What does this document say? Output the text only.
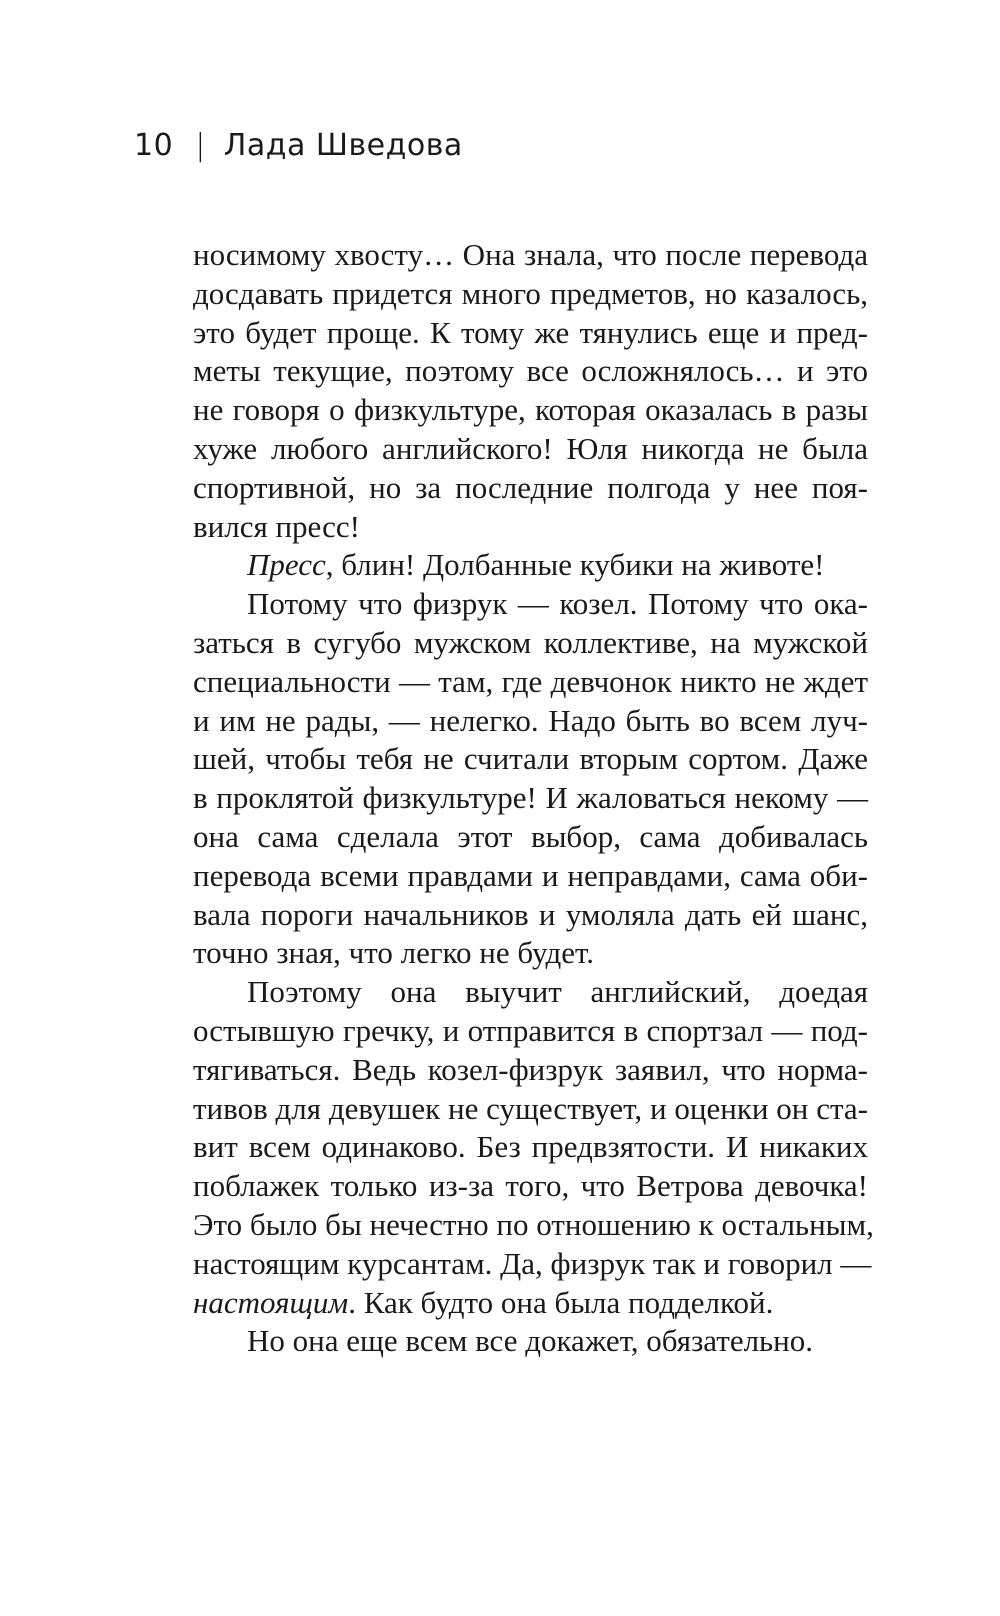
10 | Лада Шведова
носимому хвосту… Она знала, что после перевода
досдавать придется много предметов, но казалось,
это будет проще. К тому же тянулись еще и пред-
меты текущие, поэтому все осложнялось… и это
не говоря о физкультуре, которая оказалась в разы
хуже любого английского! Юля никогда не была
спортивной, но за последние полгода у нее поя-
вился пресс!
Пресс, блин! Долбанные кубики на животе!
Потому что физрук — козел. Потому что ока-
заться в сугубо мужском коллективе, на мужской
специальности — там, где девчонок никто не ждет
и им не рады, — нелегко. Надо быть во всем луч-
шей, чтобы тебя не считали вторым сортом. Даже
в проклятой физкультуре! И жаловаться некому —
она сама сделала этот выбор, сама добивалась
перевода всеми правдами и неправдами, сама оби-
вала пороги начальников и умоляла дать ей шанс,
точно зная, что легко не будет.
Поэтому она выучит английский, доедая
остывшую гречку, и отправится в спортзал — под-
тягиваться. Ведь козел-физрук заявил, что норма-
тивов для девушек не существует, и оценки он ста-
вит всем одинаково. Без предвзятости. И никаких
поблажек только из-за того, что Ветрова девочка!
Это было бы нечестно по отношению к остальным,
настоящим курсантам. Да, физрук так и говорил —
настоящим. Как будто она была подделкой.
Но она еще всем все докажет, обязательно.
